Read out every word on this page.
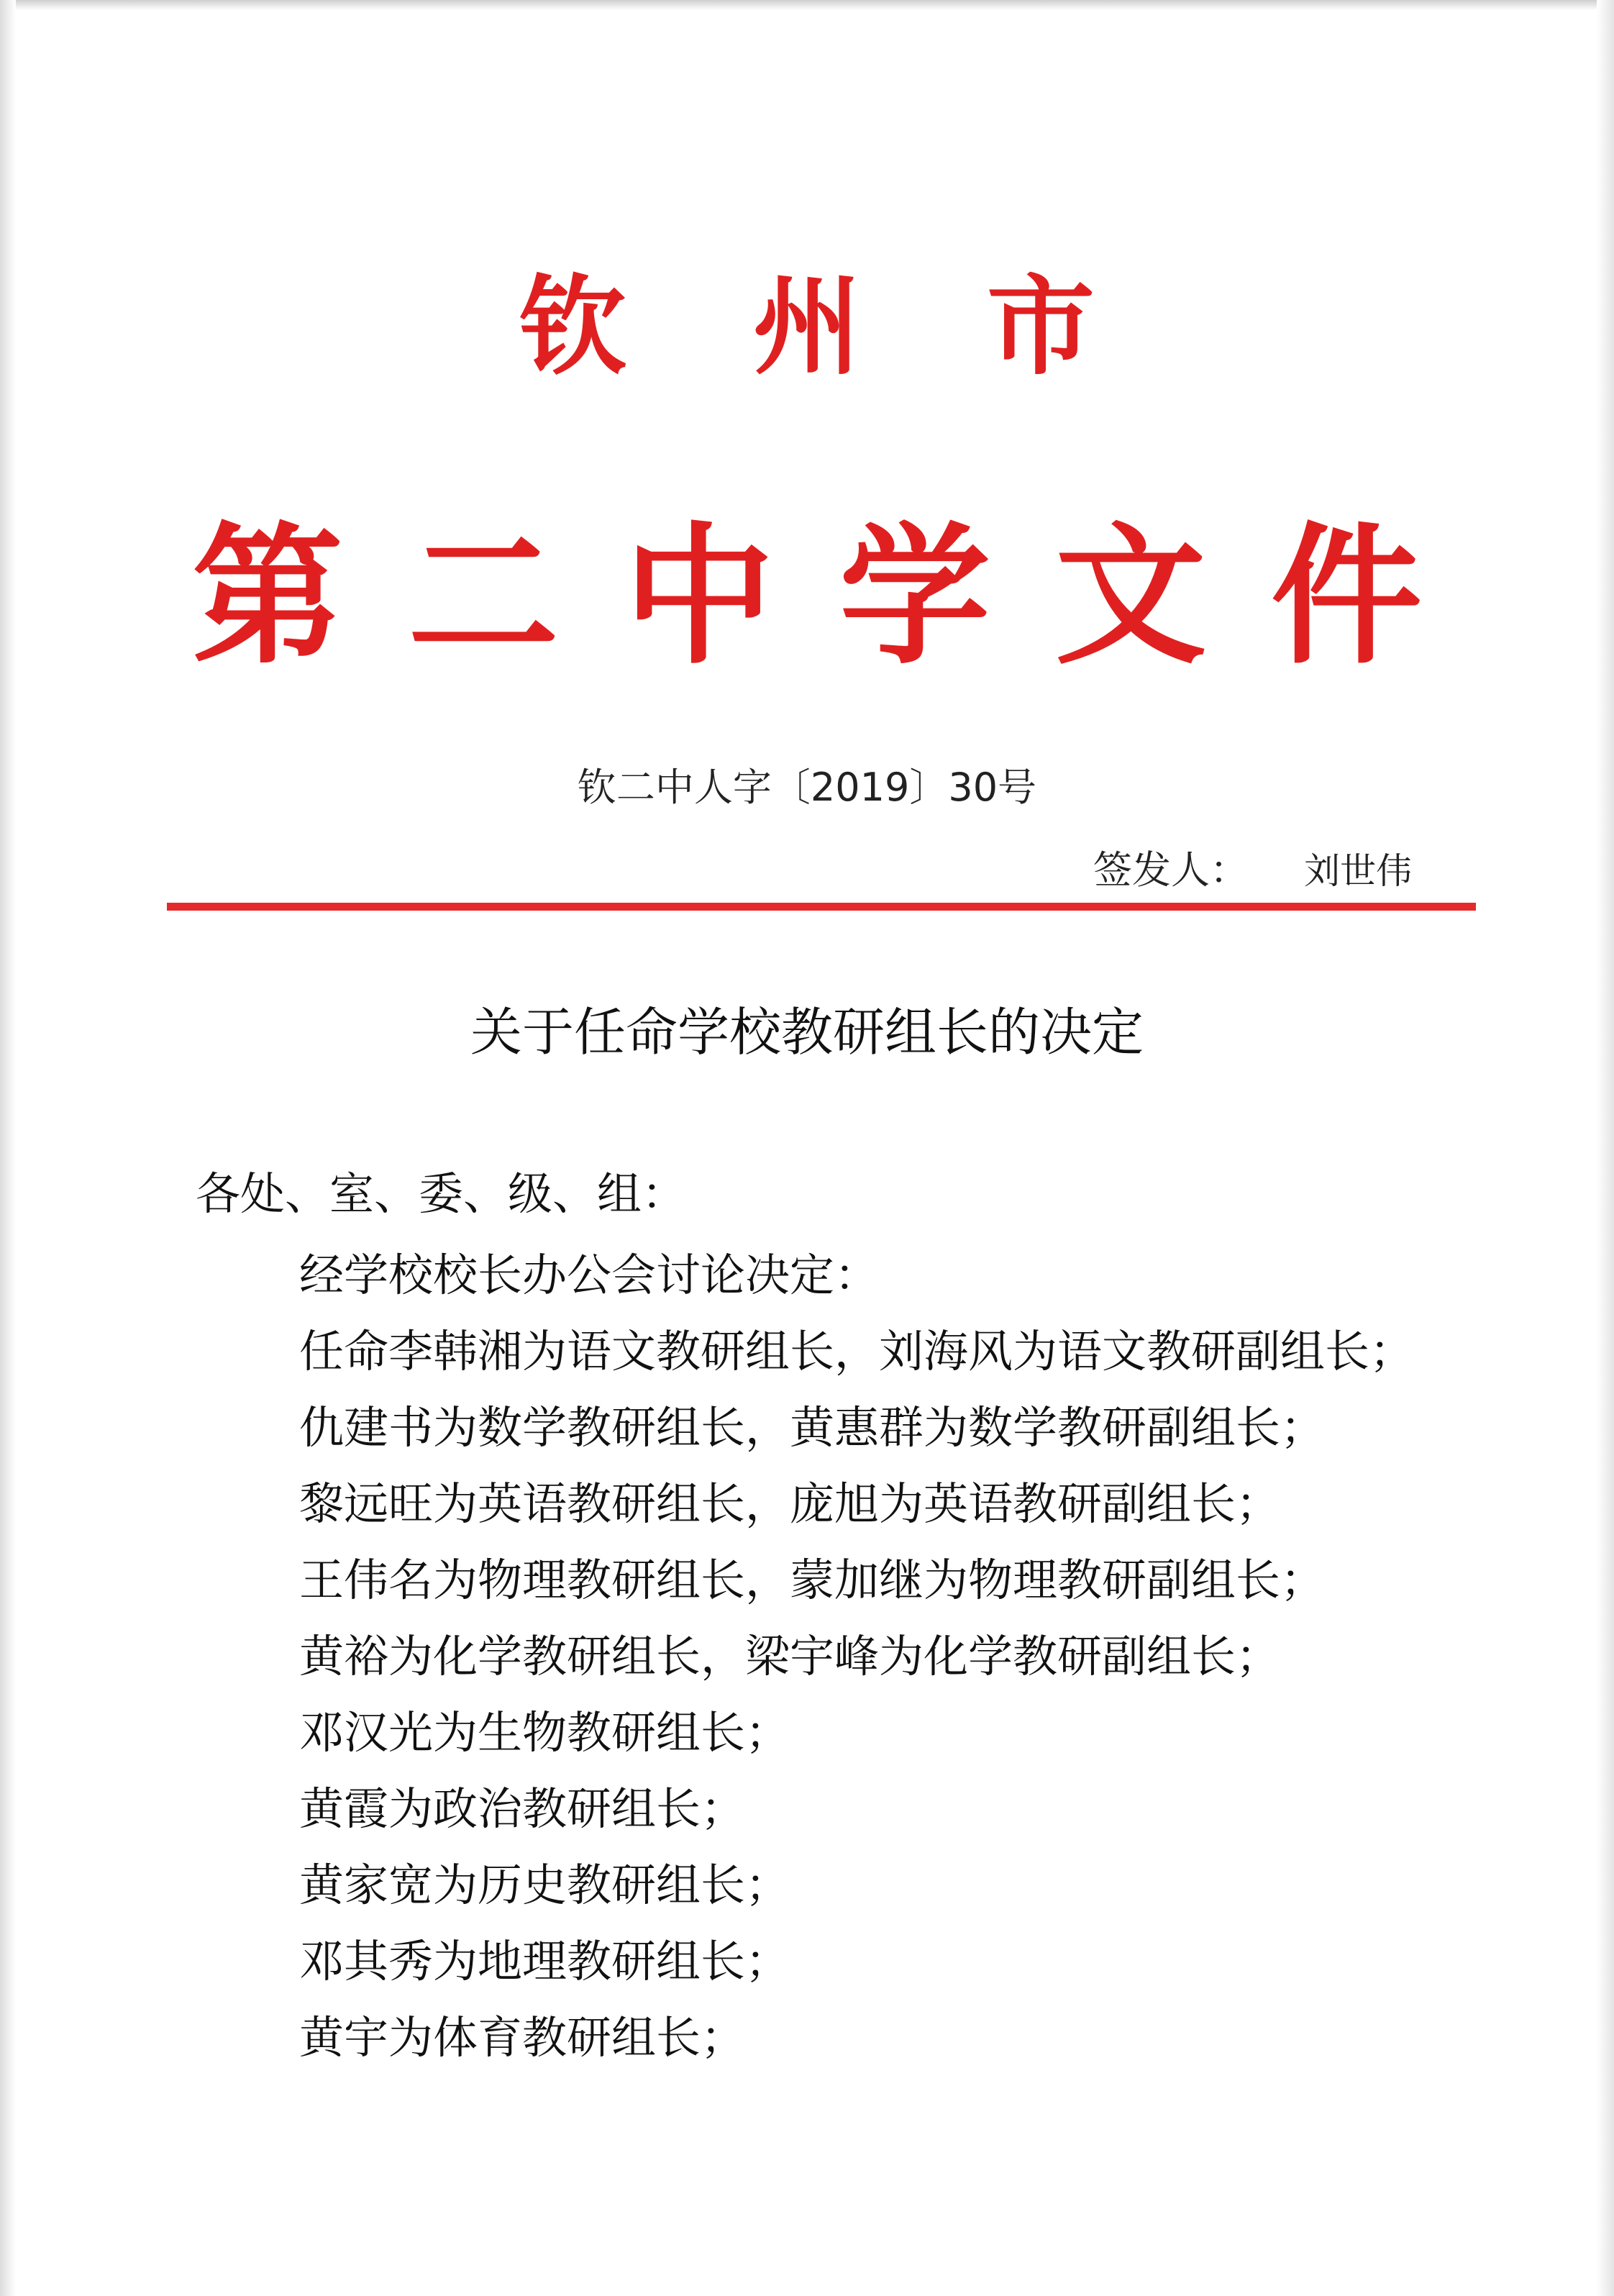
钦州市
第二中学文件
钦二中人字〔2019〕30号
签发人： 刘世伟
关于任命学校教研组长的决定
各处、室、委、级、组：
经学校校长办公会讨论决定：
任命李韩湘为语文教研组长，刘海风为语文教研副组长；
仇建书为数学教研组长，黄惠群为数学教研副组长；
黎远旺为英语教研组长，庞旭为英语教研副组长；
王伟名为物理教研组长，蒙加继为物理教研副组长；
黄裕为化学教研组长，梁宇峰为化学教研副组长；
邓汉光为生物教研组长；
黄霞为政治教研组长；
黄家宽为历史教研组长；
邓其秀为地理教研组长；
黄宇为体育教研组长；
